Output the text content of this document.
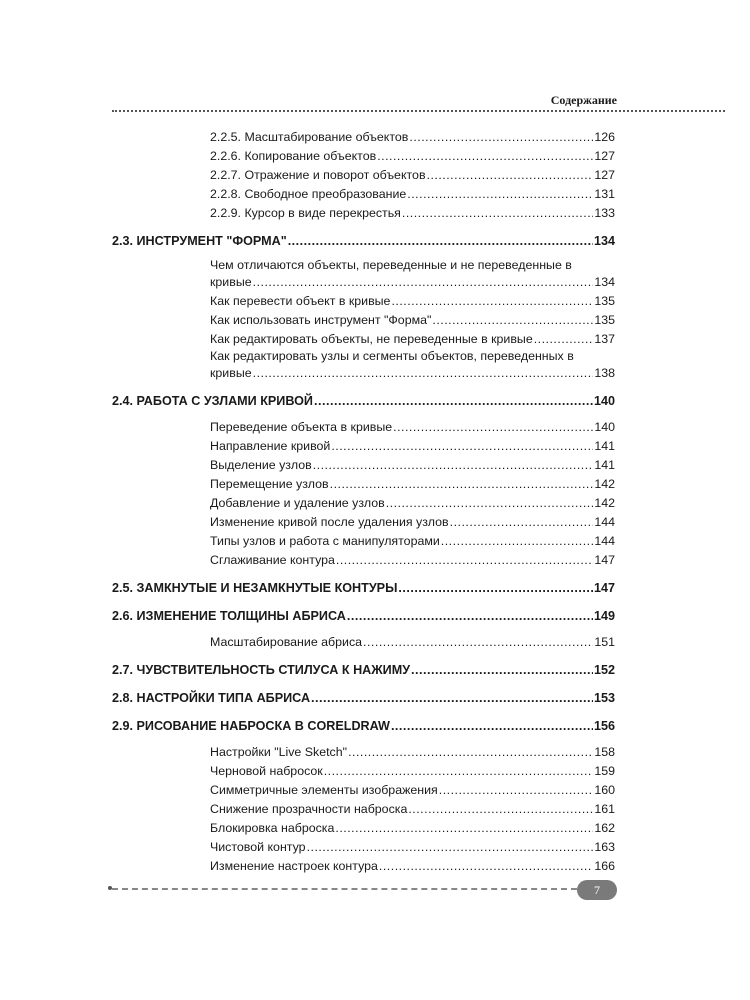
Содержание
2.2.5. Масштабирование объектов .....	126
2.2.6. Копирование объектов .....	127
2.2.7. Отражение и поворот объектов .....	127
2.2.8. Свободное преобразование .....	131
2.2.9. Курсор в виде перекрестья .....	133
2.3. ИНСТРУМЕНТ "ФОРМА" .....	134
Чем отличаются объекты, переведенные и не переведенные в
кривые .....	134
Как перевести объект в кривые .....	135
Как использовать инструмент "Форма" .....	135
Как редактировать объекты, не переведенные в кривые .....	137
Как редактировать узлы и сегменты объектов, переведенных в
кривые .....	138
2.4. РАБОТА С УЗЛАМИ КРИВОЙ .....	140
Переведение объекта в кривые .....	140
Направление кривой .....	141
Выделение узлов .....	141
Перемещение узлов .....	142
Добавление и удаление узлов .....	142
Изменение кривой после удаления узлов .....	144
Типы узлов и работа с манипуляторами .....	144
Сглаживание контура .....	147
2.5. ЗАМКНУТЫЕ И НЕЗАМКНУТЫЕ КОНТУРЫ .....	147
2.6. ИЗМЕНЕНИЕ ТОЛЩИНЫ АБРИСА .....	149
Масштабирование абриса .....	151
2.7. ЧУВСТВИТЕЛЬНОСТЬ СТИЛУСА К НАЖИМУ .....	152
2.8. НАСТРОЙКИ ТИПА АБРИСА .....	153
2.9. РИСОВАНИЕ НАБРОСКА В CORELDRAW .....	156
Настройки "Live Sketch" .....	158
Черновой набросок .....	159
Симметричные элементы изображения .....	160
Снижение прозрачности наброска .....	161
Блокировка наброска .....	162
Чистовой контур .....	163
Изменение настроек контура .....	166
7
